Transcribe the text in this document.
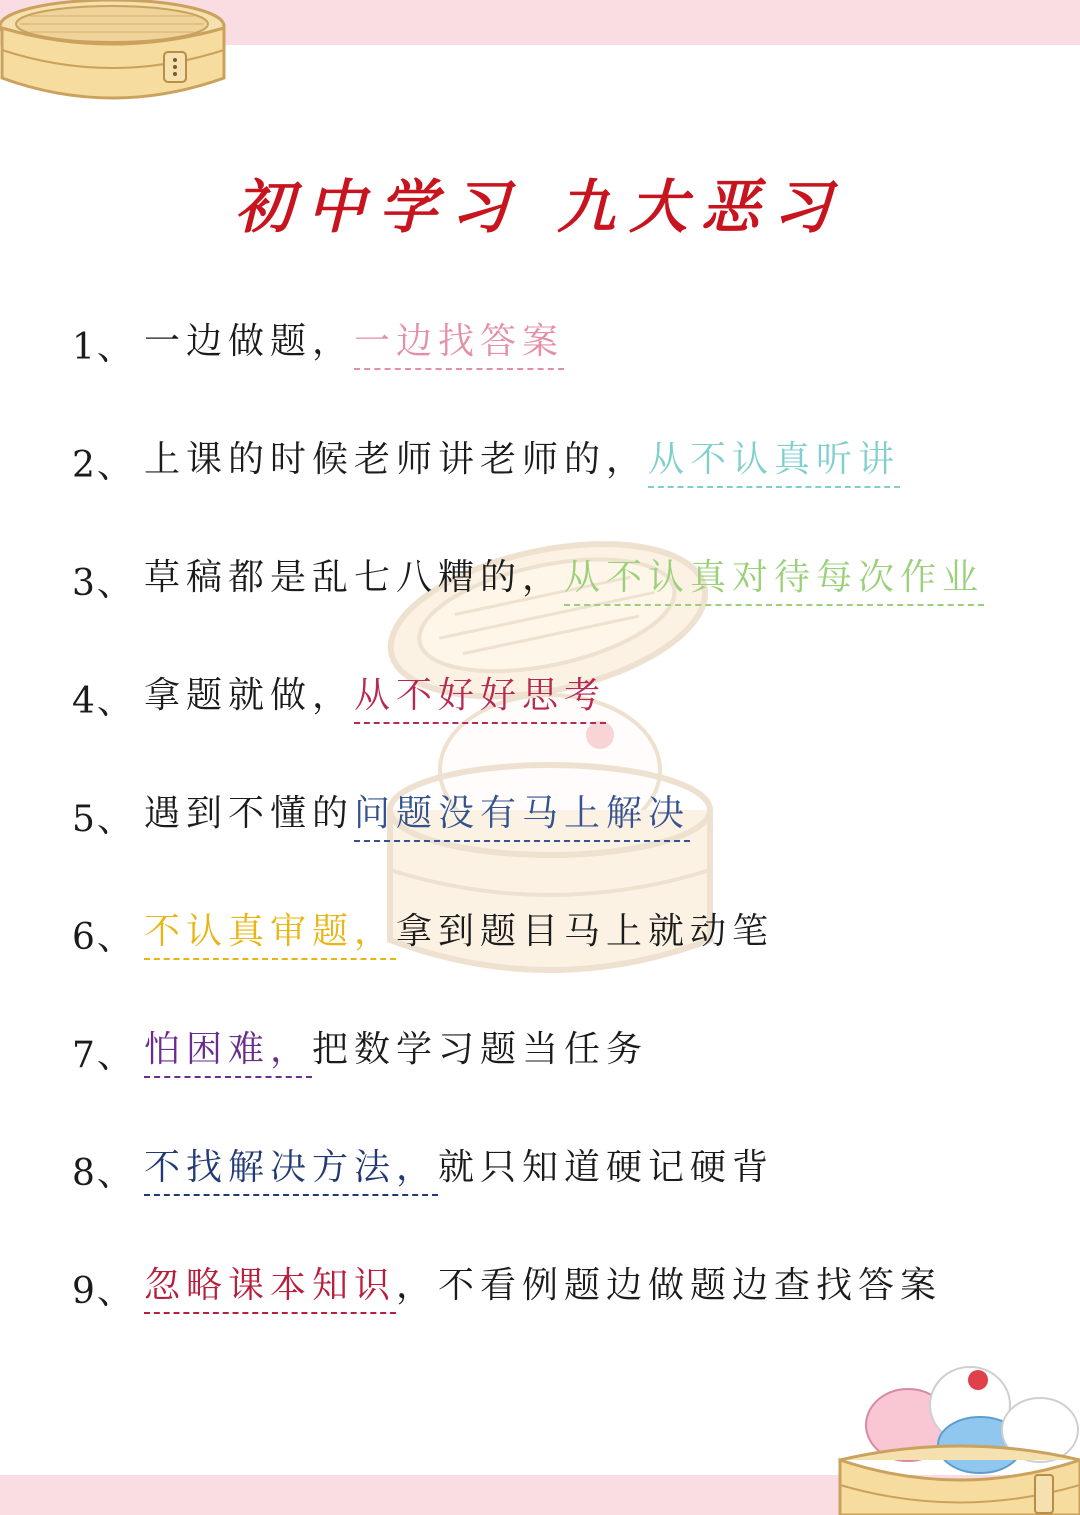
初中学习 九大恶习
1、 一边做题， 一边找答案
2、 上课的时候老师讲老师的， 从不认真听讲
3、 草稿都是乱七八糟的， 从不认真对待每次作业
4、 拿题就做， 从不好好思考
5、 遇到不懂的 问题没有马上解决
6、 不认真审题， 拿到题目马上就动笔
7、 怕困难， 把数学习题当任务
8、 不找解决方法， 就只知道硬记硬背
9、 忽略课本知识 ，不看例题边做题边查找答案
